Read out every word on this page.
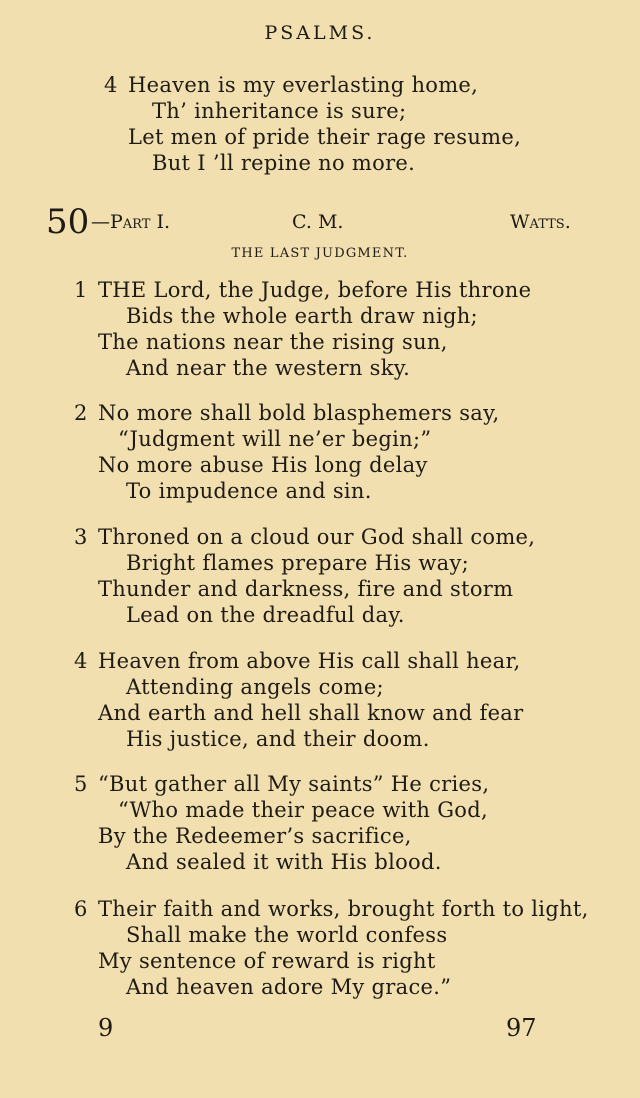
PSALMS.
4 Heaven is my everlasting home,
Th’ inheritance is sure;
Let men of pride their rage resume,
But I ’ll repine no more.
50 —Part I.	C. M.	Watts.
THE LAST JUDGMENT.
1 THE Lord, the Judge, before His throne
Bids the whole earth draw nigh;
The nations near the rising sun,
And near the western sky.
2 No more shall bold blasphemers say,
“Judgment will ne’er begin;”
No more abuse His long delay
To impudence and sin.
3 Throned on a cloud our God shall come,
Bright flames prepare His way;
Thunder and darkness, fire and storm
Lead on the dreadful day.
4 Heaven from above His call shall hear,
Attending angels come;
And earth and hell shall know and fear
His justice, and their doom.
5 “But gather all My saints” He cries,
“Who made their peace with God,
By the Redeemer’s sacrifice,
And sealed it with His blood.
6 Their faith and works, brought forth to light,
Shall make the world confess
My sentence of reward is right
And heaven adore My grace.”
9	97
